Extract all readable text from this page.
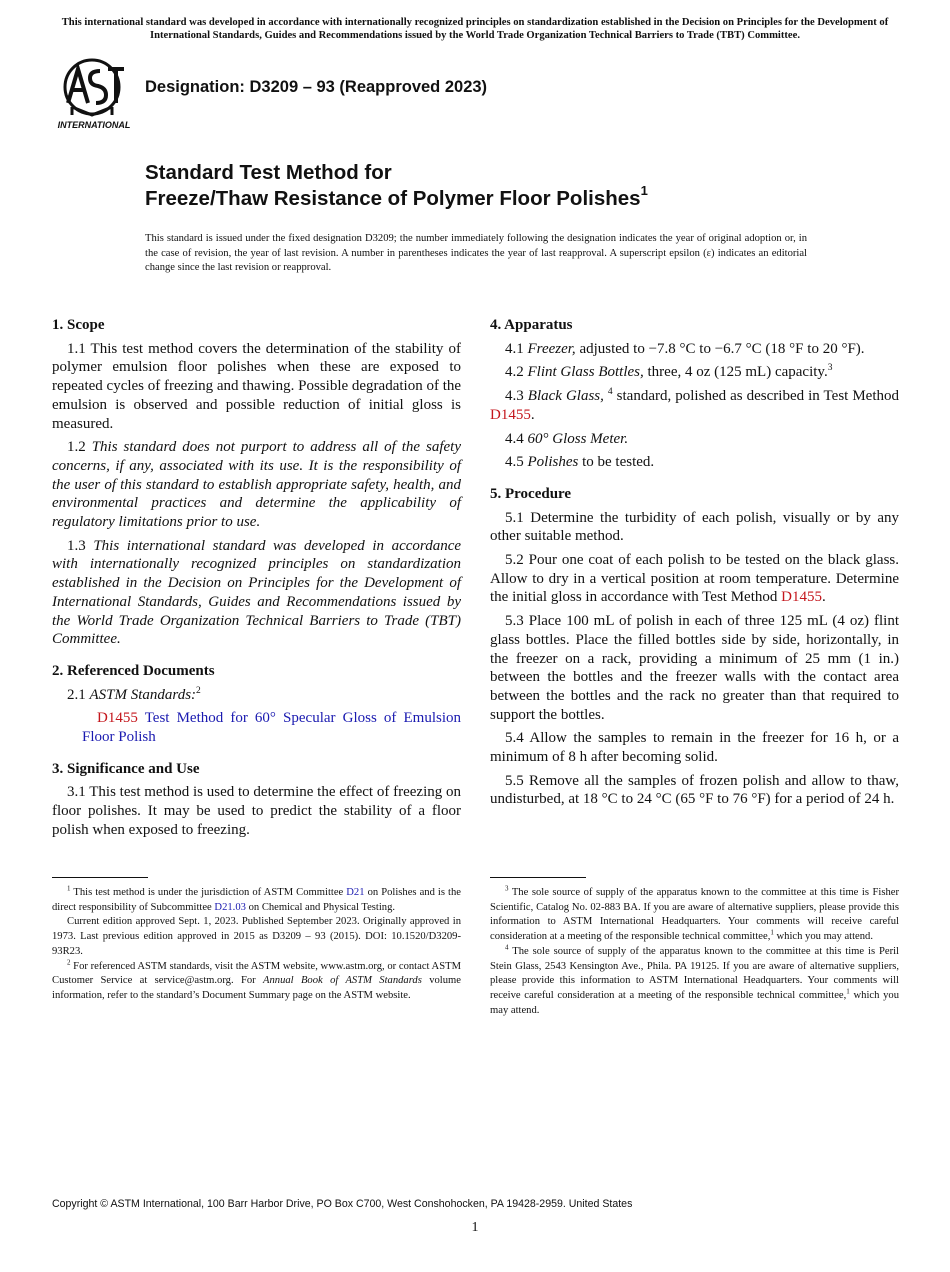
This international standard was developed in accordance with internationally recognized principles on standardization established in the Decision on Principles for the Development of International Standards, Guides and Recommendations issued by the World Trade Organization Technical Barriers to Trade (TBT) Committee.
INTERNATIONAL
Designation: D3209 – 93 (Reapproved 2023)
Standard Test Method for
Freeze/Thaw Resistance of Polymer Floor Polishes$^1$
This standard is issued under the fixed designation D3209; the number immediately following the designation indicates the year of original adoption or, in the case of revision, the year of last revision. A number in parentheses indicates the year of last reapproval. A superscript epsilon (ε) indicates an editorial change since the last revision or reapproval.
1. Scope

1.1 This test method covers the determination of the stability of polymer emulsion floor polishes when these are exposed to repeated cycles of freezing and thawing. Possible degradation of the emulsion is observed and possible reduction of initial gloss is measured.

1.2 This standard does not purport to address all of the safety concerns, if any, associated with its use. It is the responsibility of the user of this standard to establish appropriate safety, health, and environmental practices and determine the applicability of regulatory limitations prior to use.

1.3 This international standard was developed in accordance with internationally recognized principles on standardization established in the Decision on Principles for the Development of International Standards, Guides and Recommendations issued by the World Trade Organization Technical Barriers to Trade (TBT) Committee.

2. Referenced Documents

2.1 ASTM Standards:$^2$

D1455 Test Method for 60° Specular Gloss of Emulsion Floor Polish

3. Significance and Use

3.1 This test method is used to determine the effect of freezing on floor polishes. It may be used to predict the stability of a floor polish when exposed to freezing.

4. Apparatus

4.1 Freezer, adjusted to −7.8 °C to −6.7 °C (18 °F to 20 °F).

4.2 Flint Glass Bottles, three, 4 oz (125 mL) capacity.$^3$

4.3 Black Glass, $^4$ standard, polished as described in Test Method D1455.

4.4 60° Gloss Meter.

4.5 Polishes to be tested.

5. Procedure

5.1 Determine the turbidity of each polish, visually or by any other suitable method.

5.2 Pour one coat of each polish to be tested on the black glass. Allow to dry in a vertical position at room temperature. Determine the initial gloss in accordance with Test Method D1455.

5.3 Place 100 mL of polish in each of three 125 mL (4 oz) flint glass bottles. Place the filled bottles side by side, horizontally, in the freezer on a rack, providing a minimum of 25 mm (1 in.) between the bottles and the freezer walls with the contact area between the bottles and the rack no greater than that required to support the bottles.

5.4 Allow the samples to remain in the freezer for 16 h, or a minimum of 8 h after becoming solid.

5.5 Remove all the samples of frozen polish and allow to thaw, undisturbed, at 18 °C to 24 °C (65 °F to 76 °F) for a period of 24 h.

$^1$ This test method is under the jurisdiction of ASTM Committee D21 on Polishes and is the direct responsibility of Subcommittee D21.03 on Chemical and Physical Testing.

Current edition approved Sept. 1, 2023. Published September 2023. Originally approved in 1973. Last previous edition approved in 2015 as D3209 – 93 (2015). DOI: 10.1520/D3209-93R23.

$^2$ For referenced ASTM standards, visit the ASTM website, www.astm.org, or contact ASTM Customer Service at service@astm.org. For Annual Book of ASTM Standards volume information, refer to the standard’s Document Summary page on the ASTM website.

$^3$ The sole source of supply of the apparatus known to the committee at this time is Fisher Scientific, Catalog No. 02-883 BA. If you are aware of alternative suppliers, please provide this information to ASTM International Headquarters. Your comments will receive careful consideration at a meeting of the responsible technical committee,$^1$ which you may attend.

$^4$ The sole source of supply of the apparatus known to the committee at this time is Peril Stein Glass, 2543 Kensington Ave., Phila. PA 19125. If you are aware of alternative suppliers, please provide this information to ASTM International Headquarters. Your comments will receive careful consideration at a meeting of the responsible technical committee,$^1$ which you may attend.

Copyright © ASTM International, 100 Barr Harbor Drive, PO Box C700, West Conshohocken, PA 19428-2959. United States
1
